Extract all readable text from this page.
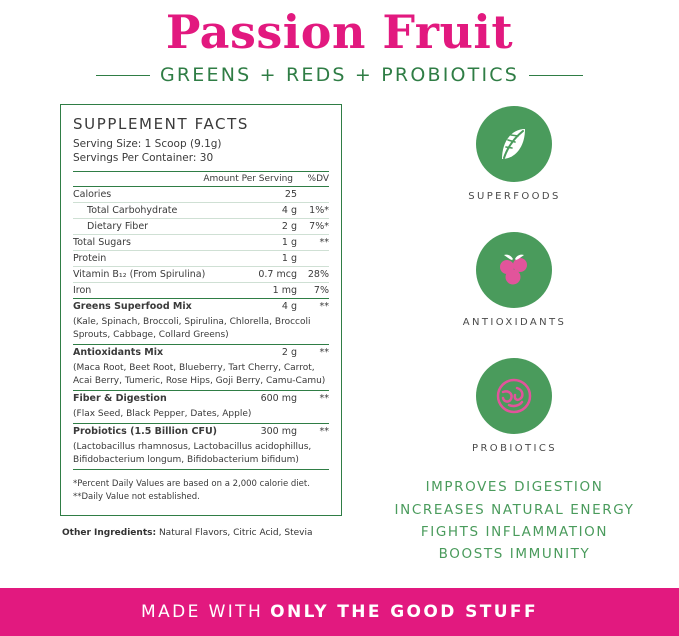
Passion Fruit
GREENS + REDS + PROBIOTICS
SUPPLEMENT FACTS
Serving Size: 1 Scoop (9.1g)
Servings Per Container: 30
Amount Per Serving	%DV
Calories	25	
Total Carbohydrate	4 g	1%*
Dietary Fiber	2 g	7%*
Total Sugars	1 g	**
Protein	1 g	
Vitamin B₁₂ (From Spirulina)	0.7 mcg	28%
Iron	1 mg	7%
Greens Superfood Mix	4 g	**
(Kale, Spinach, Broccoli, Spirulina, Chlorella, Broccoli Sprouts, Cabbage, Collard Greens)		
Antioxidants Mix	2 g	**
(Maca Root, Beet Root, Blueberry, Tart Cherry, Carrot, Acai Berry, Tumeric, Rose Hips, Goji Berry, Camu-Camu)		
Fiber & Digestion	600 mg	**
(Flax Seed, Black Pepper, Dates, Apple)		
Probiotics (1.5 Billion CFU)	300 mg	**
(Lactobacillus rhamnosus, Lactobacillus acidophillus, Bifidobacterium longum, Bifidobacterium bifidum)		
*Percent Daily Values are based on a 2,000 calorie diet.
**Daily Value not established.
Other Ingredients: Natural Flavors, Citric Acid, Stevia
SUPERFOODS
ANTIOXIDANTS
PROBIOTICS
IMPROVES DIGESTION
INCREASES NATURAL ENERGY
FIGHTS INFLAMMATION
BOOSTS IMMUNITY
MADE WITH ONLY THE GOOD STUFF
